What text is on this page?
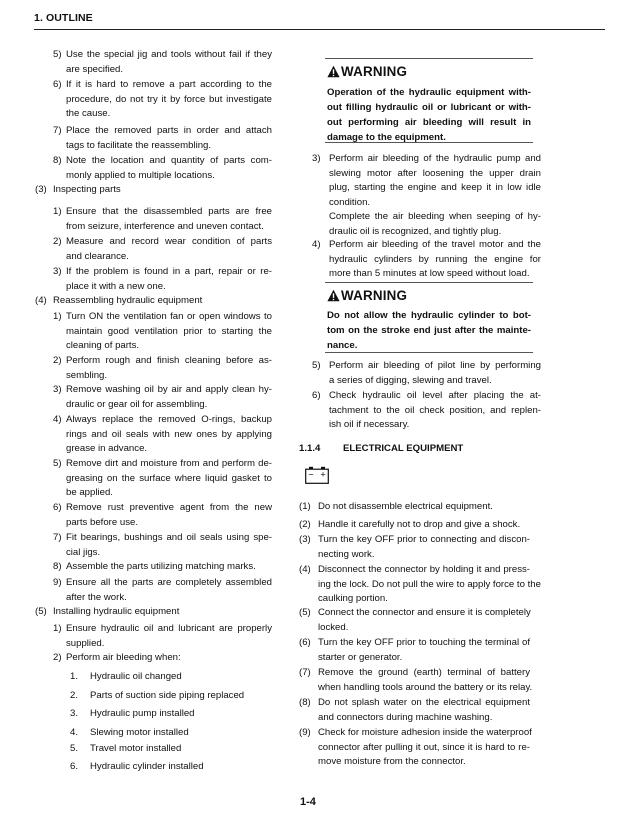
1. OUTLINE
5) Use the special jig and tools without fail if they
are specified.
6) If it is hard to remove a part according to the
procedure, do not try it by force but investigate
the cause.
7) Place the removed parts in order and attach
tags to facilitate the reassembling.
8) Note the location and quantity of parts com-
monly applied to multiple locations.
(3) Inspecting parts
1) Ensure that the disassembled parts are free
from seizure, interference and uneven contact.
2) Measure and record wear condition of parts
and clearance.
3) If the problem is found in a part, repair or re-
place it with a new one.
(4) Reassembling hydraulic equipment
1) Turn ON the ventilation fan or open windows to
maintain good ventilation prior to starting the
cleaning of parts.
2) Perform rough and finish cleaning before as-
sembling.
3) Remove washing oil by air and apply clean hy-
draulic or gear oil for assembling.
4) Always replace the removed O-rings, backup
rings and oil seals with new ones by applying
grease in advance.
5) Remove dirt and moisture from and perform de-
greasing on the surface where liquid gasket to
be applied.
6) Remove rust preventive agent from the new
parts before use.
7) Fit bearings, bushings and oil seals using spe-
cial jigs.
8) Assemble the parts utilizing matching marks.
9) Ensure all the parts are completely assembled
after the work.
(5) Installing hydraulic equipment
1) Ensure hydraulic oil and lubricant are properly
supplied.
2) Perform air bleeding when:
1. Hydraulic oil changed
2. Parts of suction side piping replaced
3. Hydraulic pump installed
4. Slewing motor installed
5. Travel motor installed
6. Hydraulic cylinder installed
WARNING
Operation of the hydraulic equipment with-
out filling hydraulic oil or lubricant or with-
out performing air bleeding will result in
damage to the equipment.
WARNING
Do not allow the hydraulic cylinder to bot-
tom on the stroke end just after the mainte-
nance.
1.1.4 ELECTRICAL EQUIPMENT
− +
3) Perform air bleeding of the hydraulic pump and
slewing motor after loosening the upper drain
plug, starting the engine and keep it in low idle
condition.
Complete the air bleeding when seeping of hy-
draulic oil is recognized, and tightly plug.
4) Perform air bleeding of the travel motor and the
hydraulic cylinders by running the engine for
more than 5 minutes at low speed without load.
5) Perform air bleeding of pilot line by performing
a series of digging, slewing and travel.
6) Check hydraulic oil level after placing the at-
tachment to the oil check position, and replen-
ish oil if necessary.
(1) Do not disassemble electrical equipment.
(2) Handle it carefully not to drop and give a shock.
(3) Turn the key OFF prior to connecting and discon-
necting work.
(4) Disconnect the connector by holding it and press-
ing the lock. Do not pull the wire to apply force to the
caulking portion.
(5) Connect the connector and ensure it is completely
locked.
(6) Turn the key OFF prior to touching the terminal of
starter or generator.
(7) Remove the ground (earth) terminal of battery
when handling tools around the battery or its relay.
(8) Do not splash water on the electrical equipment
and connectors during machine washing.
(9) Check for moisture adhesion inside the waterproof
connector after pulling it out, since it is hard to re-
move moisture from the connector.
1-4
